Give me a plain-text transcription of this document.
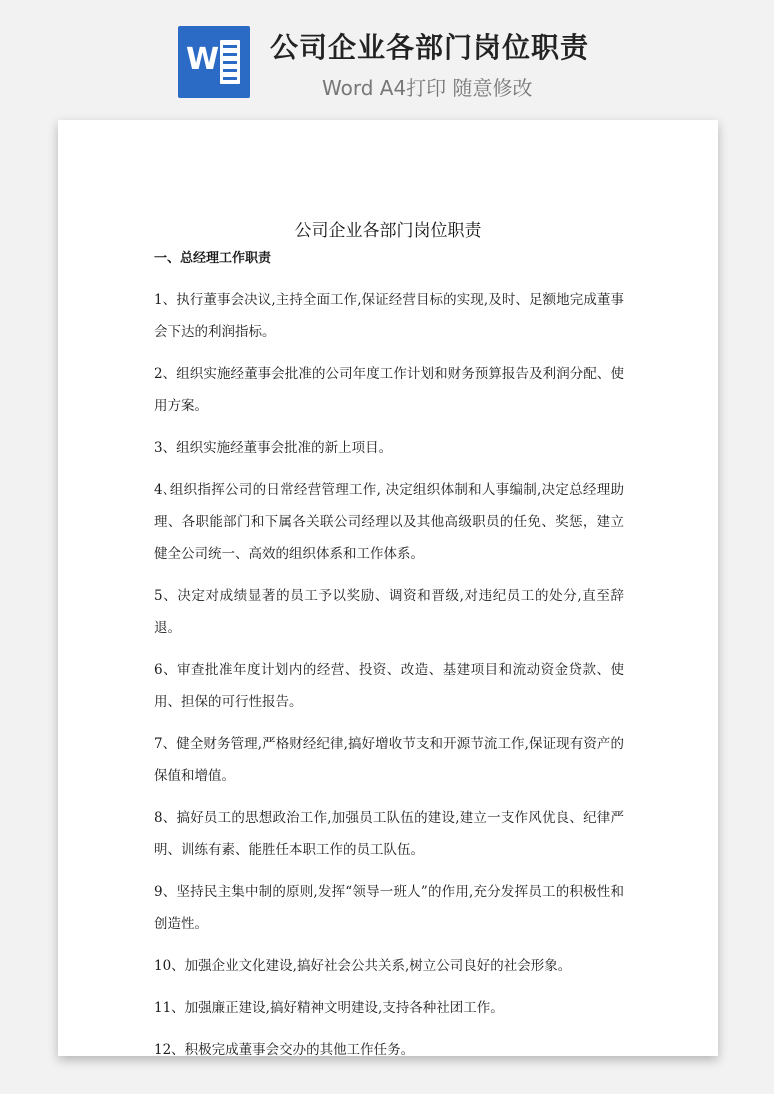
W 公司企业各部门岗位职责
Word A4打印 随意修改
公司企业各部门岗位职责
一、总经理工作职责

1、执行董事会决议,主持全面工作,保证经营目标的实现,及时、足额地完成董事会下达的利润指标。

2、组织实施经董事会批准的公司年度工作计划和财务预算报告及利润分配、使用方案。

3、组织实施经董事会批准的新上项目。

4､组织指挥公司的日常经营管理工作, 决定组织体制和人事编制,决定总经理助理、各职能部门和下属各关联公司经理以及其他高级职员的任免、奖惩，建立健全公司统一、高效的组织体系和工作体系。

5、决定对成绩显著的员工予以奖励、调资和晋级,对违纪员工的处分,直至辞退。

6、审查批准年度计划内的经营、投资、改造、基建项目和流动资金贷款、使用、担保的可行性报告。

7、健全财务管理,严格财经纪律,搞好增收节支和开源节流工作,保证现有资产的保值和增值。

8、搞好员工的思想政治工作,加强员工队伍的建设,建立一支作风优良、纪律严明、训练有素、能胜任本职工作的员工队伍。

9、坚持民主集中制的原则,发挥“领导一班人”的作用,充分发挥员工的积极性和创造性。

10、加强企业文化建设,搞好社会公共关系,树立公司良好的社会形象。

11、加强廉正建设,搞好精神文明建设,支持各种社团工作。

12、积极完成董事会交办的其他工作任务。
